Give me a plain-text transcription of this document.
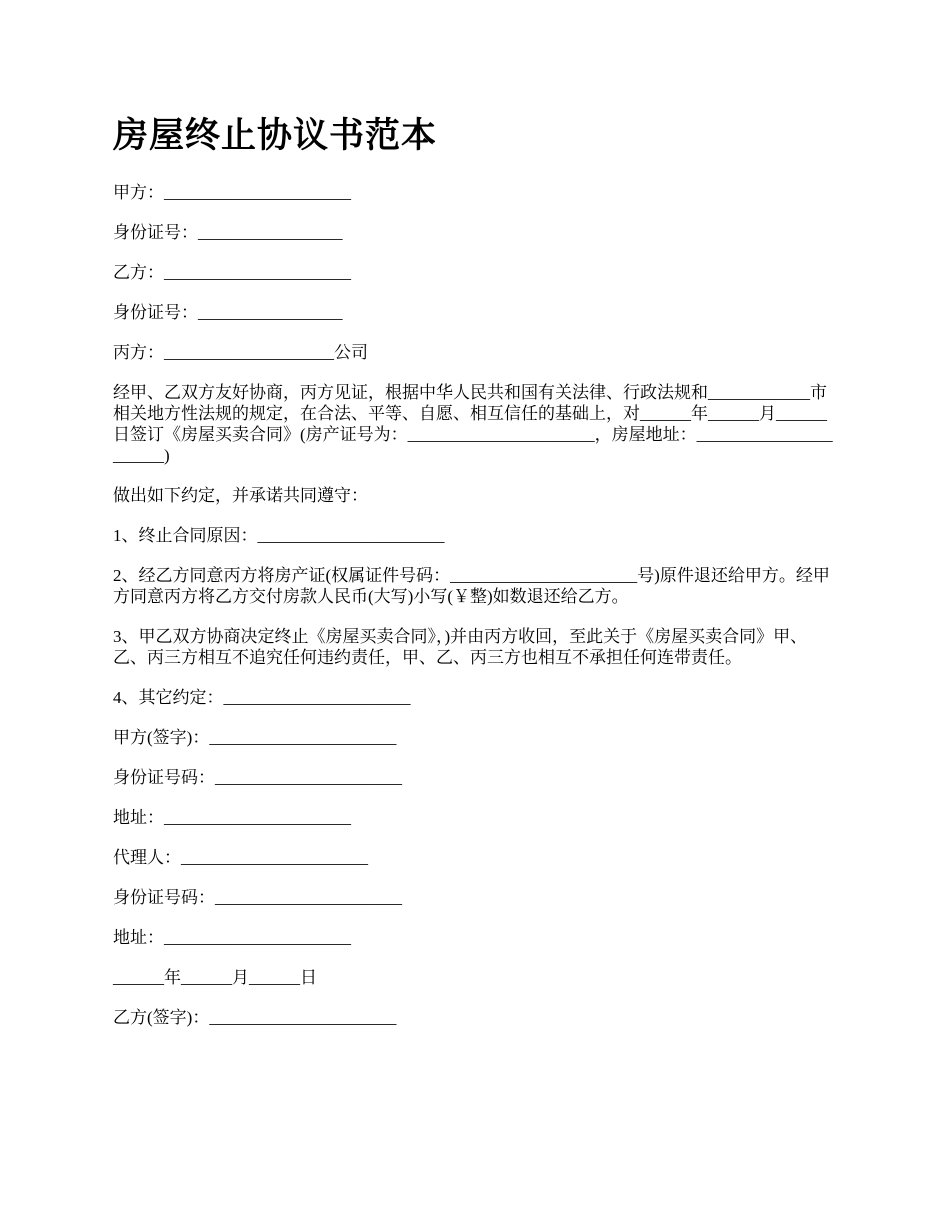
房屋终止协议书范本

甲方：______________________

身份证号：_________________

乙方：______________________

身份证号：_________________

丙方：____________________公司

经甲、乙双方友好协商，丙方见证，根据中华人民共和国有关法律、行政法规和____________市相关地方性法规的规定，在合法、平等、自愿、相互信任的基础上，对______年______月______日签订《房屋买卖合同》(房产证号为：______________________，房屋地址：______________________)

做出如下约定，并承诺共同遵守：

1、终止合同原因：______________________

2、经乙方同意丙方将房产证(权属证件号码：______________________号)原件退还给甲方。经甲方同意丙方将乙方交付房款人民币(大写)小写(￥整)如数退还给乙方。

3、甲乙双方协商决定终止《房屋买卖合同》，)并由丙方收回，至此关于《房屋买卖合同》甲、乙、丙三方相互不追究任何违约责任，甲、乙、丙三方也相互不承担任何连带责任。

4、其它约定：______________________

甲方(签字)：______________________

身份证号码：______________________

地址：______________________

代理人：______________________

身份证号码：______________________

地址：______________________

______年______月______日

乙方(签字)：______________________
